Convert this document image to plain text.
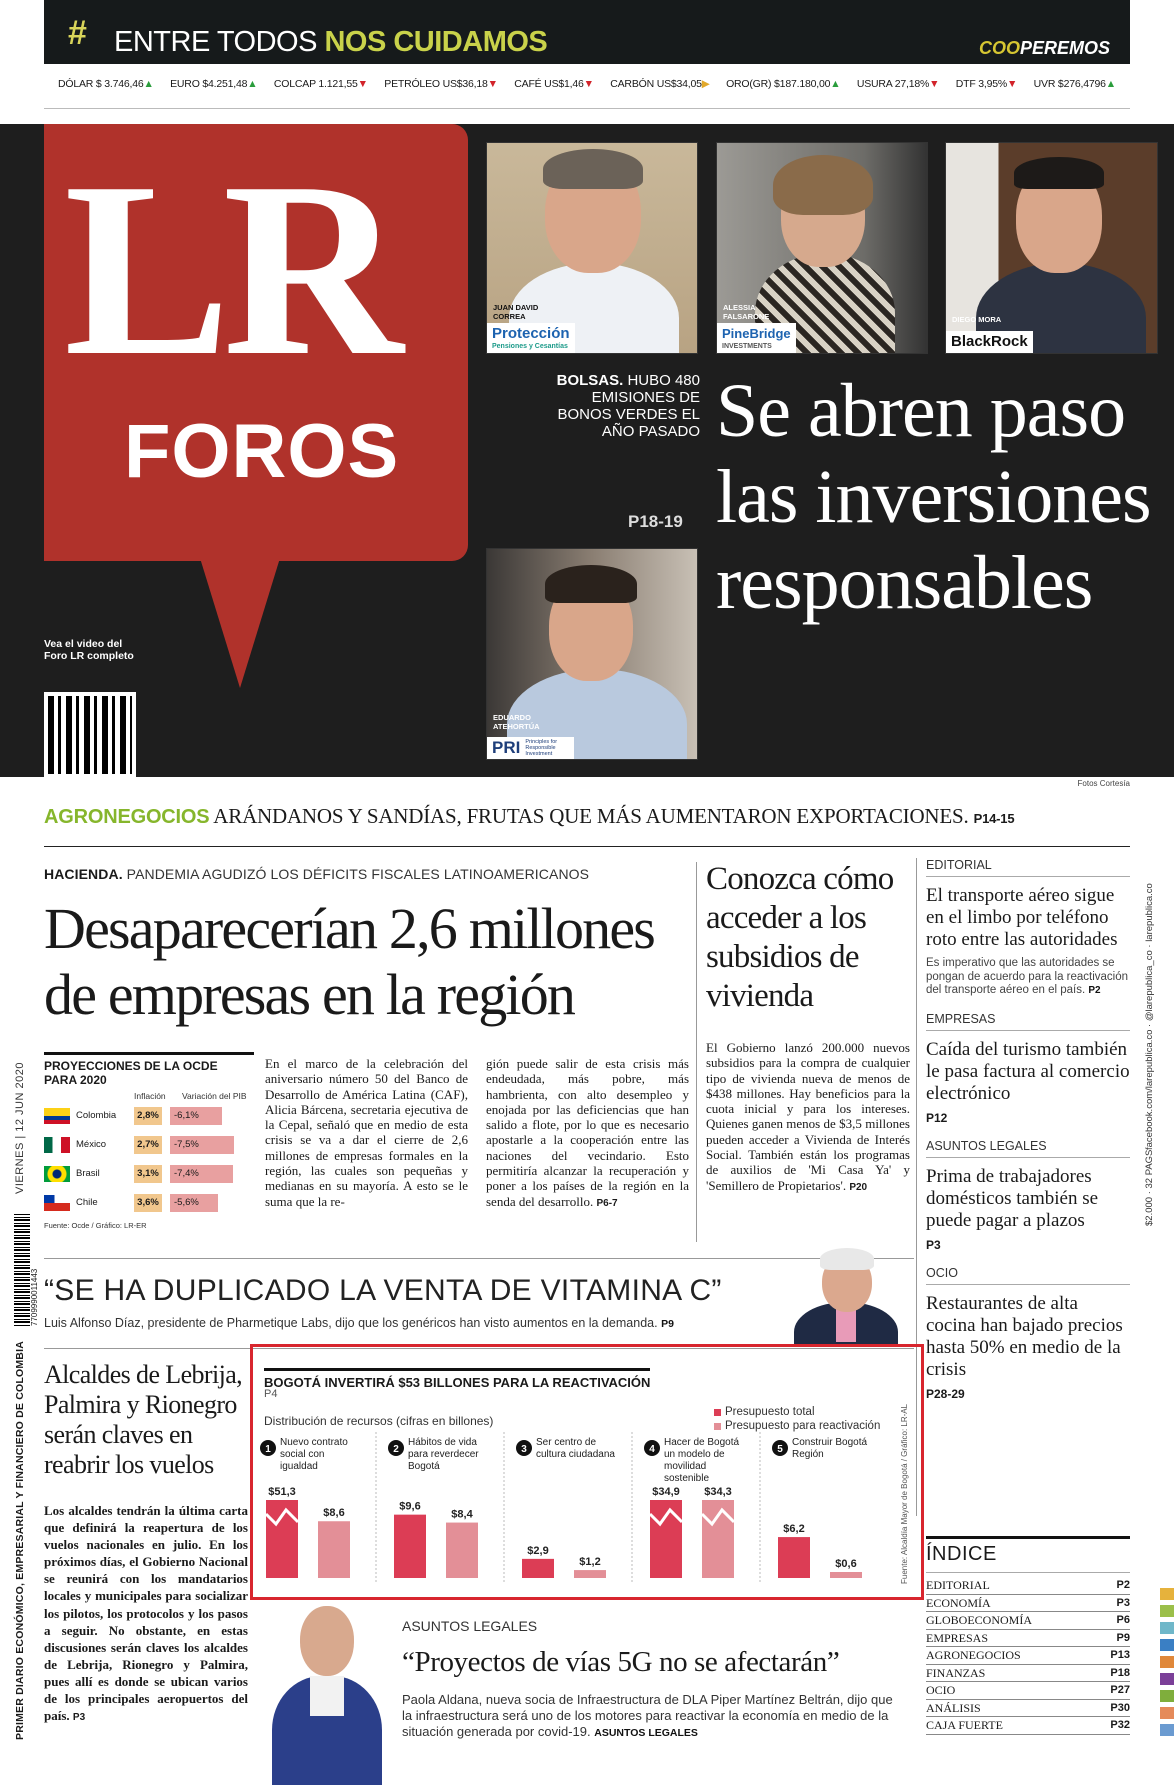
# ENTRE TODOS NOS CUIDAMOS	COOPEREMOS
DÓLAR $ 3.746,46▲ EURO $4.251,48▲ COLCAP 1.121,55▼ PETRÓLEO US$36,18▼ CAFÉ US$1,46▼ CARBÓN US$34,05▶ ORO(GR) $187.180,00▲ USURA 27,18%▼ DTF 3,95%▼ UVR $276,4796▲
LR
FOROS
Vea el video del Foro LR completo
JUAN DAVID CORREA
Protección
Pensiones y Cesantías
ALESSIA FALSARONE
PineBridge
INVESTMENTS
DIEGO MORA
BlackRock
EDUARDO ATEHORTÚA
PRI Principles for Responsible Investment
BOLSAS. HUBO 480 EMISIONES DE BONOS VERDES EL AÑO PASADO
P18-19
Se abren paso las inversiones responsables
Fotos Cortesía
AGRONEGOCIOS ARÁNDANOS Y SANDÍAS, FRUTAS QUE MÁS AUMENTARON EXPORTACIONES. P14-15
HACIENDA. PANDEMIA AGUDIZÓ LOS DÉFICITS FISCALES LATINOAMERICANOS
Desaparecerían 2,6 millones de empresas en la región
PROYECCIONES DE LA OCDE PARA 2020
Inflación	Variación del PIB
Colombia	2,8%	-6,1%
México	2,7%	-7,5%
Brasil	3,1%	-7,4%
Chile	3,6%	-5,6%
Fuente: Ocde / Gráfico: LR-ER
En el marco de la celebración del aniversario número 50 del Banco de Desarrollo de América Latina (CAF), Alicia Bárcena, secretaria ejecutiva de la Cepal, señaló que en medio de esta crisis se va a dar el cierre de 2,6 millones de empresas formales en la región, las cuales son pequeñas y medianas en su mayoría. A esto se le suma que la re-
gión puede salir de esta crisis más endeudada, más pobre, más hambrienta, con alto desempleo y enojada por las deficiencias que han salido a flote, por lo que es necesario apostarle a la cooperación entre las naciones del vecindario. Esto permitiría alcanzar la recuperación y poner a los países de la región en la senda del desarrollo. P6-7
Conozca cómo acceder a los subsidios de vivienda
El Gobierno lanzó 200.000 nuevos subsidios para la compra de cualquier tipo de vivienda nueva de menos de $438 millones. Hay beneficios para la cuota inicial y para los intereses. Quienes ganen menos de $3,5 millones pueden acceder a Vivienda de Interés Social. También están los programas de auxilios de 'Mi Casa Ya' y 'Semillero de Propietarios'. P20
EDITORIAL
El transporte aéreo sigue en el limbo por teléfono roto entre las autoridades
Es imperativo que las autoridades se pongan de acuerdo para la reactivación del transporte aéreo en el país. P2
EMPRESAS
Caída del turismo también le pasa factura al comercio electrónico
P12
ASUNTOS LEGALES
Prima de trabajadores domésticos también se puede pagar a plazos
P3
OCIO
Restaurantes de alta cocina han bajado precios hasta 50% en medio de la crisis
P28-29
ÍNDICE
EDITORIAL	P2
ECONOMÍA	P3
GLOBOECONOMÍA	P6
EMPRESAS	P9
AGRONEGOCIOS	P13
FINANZAS	P18
OCIO	P27
ANÁLISIS	P30
CAJA FUERTE	P32
VIERNES | 12 JUN 2020
PRIMER DIARIO ECONÓMICO, EMPRESARIAL Y FINANCIERO DE COLOMBIA
7709990011443
facebook.com/larepublica.co · @larepublica_co · larepublica.co
$2.000 · 32 PAGS
“SE HA DUPLICADO LA VENTA DE VITAMINA C”
Luis Alfonso Díaz, presidente de Pharmetique Labs, dijo que los genéricos han visto aumentos en la demanda. P9
Alcaldes de Lebrija, Palmira y Rionegro serán claves en reabrir los vuelos
Los alcaldes tendrán la última carta que definirá la reapertura de los vuelos nacionales en julio. En los próximos días, el Gobierno Nacional se reunirá con los mandatarios locales y municipales para socializar los pilotos, los protocolos y los pasos a seguir. No obstante, en estas discusiones serán claves los alcaldes de Lebrija, Rionegro y Palmira, pues allí es donde se ubican varios de los principales aeropuertos del país. P3
BOGOTÁ INVERTIRÁ $53 BILLONES PARA LA REACTIVACIÓN
P4
Distribución de recursos (cifras en billones)
Presupuesto total
Presupuesto para reactivación Fuente: Alcaldía Mayor de Bogotá / Gráfico: LR-AL
1
Nuevo contrato social con igualdad
$51,3
$8,6
2
Hábitos de vida para reverdecer Bogotá
$9,6
$8,4
3
Ser centro de cultura ciudadana
$2,9
$1,2
4
Hacer de Bogotá un modelo de movilidad sostenible
$34,9 $34,3
5
Construir Bogotá Región
$6,2
$0,6
ASUNTOS LEGALES
“Proyectos de vías 5G no se afectarán”
Paola Aldana, nueva socia de Infraestructura de DLA Piper Martínez Beltrán, dijo que la infraestructura será uno de los motores para reactivar la economía en medio de la situación generada por covid-19. ASUNTOS LEGALES
